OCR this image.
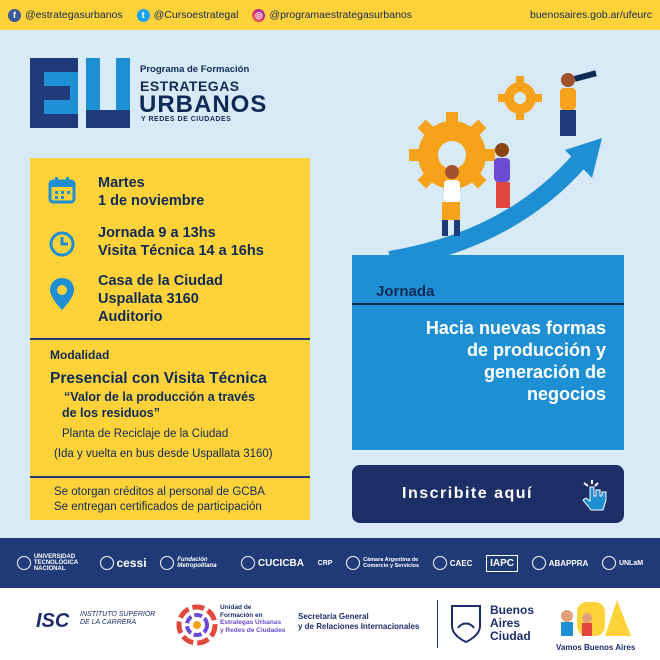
f @estrategasurbanos	t @Cursoestrategal ◎ @programaestrategasurbanos	buenosaires.gob.ar/ufeurc
Programa de Formación
ESTRATEGAS
URBANOS
Y REDES DE CIUDADES
Martes
1 de noviembre
Jornada 9 a 13hs
Visita Técnica 14 a 16hs
Casa de la Ciudad
Uspallata 3160
Auditorio
Modalidad
Presencial con Visita Técnica
“Valor de la producción a través
de los residuos”
Planta de Reciclaje de la Ciudad
(Ida y vuelta en bus desde Uspallata 3160)
Se otorgan créditos al personal de GCBA
Se entregan certificados de participación
Jornada
Hacia nuevas formas
de producción y
generación de
negocios
Inscribite aquí
UNIVERSIDAD TECNOLÓGICA NACIONAL	cessi	Fundación Metropolitana	CUCICBA CRP	Cámara Argentina de Comercio y Servicios	CAEC	IAPC	ABAPPRA	UNLaM
ISC INSTITUTO SUPERIOR
DE LA CARRERA
Unidad de
Formación en
Estrategas Urbanas
y Redes de Ciudades
Secretaría General
y de Relaciones Internacionales
Buenos
Aires
Ciudad
Vamos Buenos Aires
